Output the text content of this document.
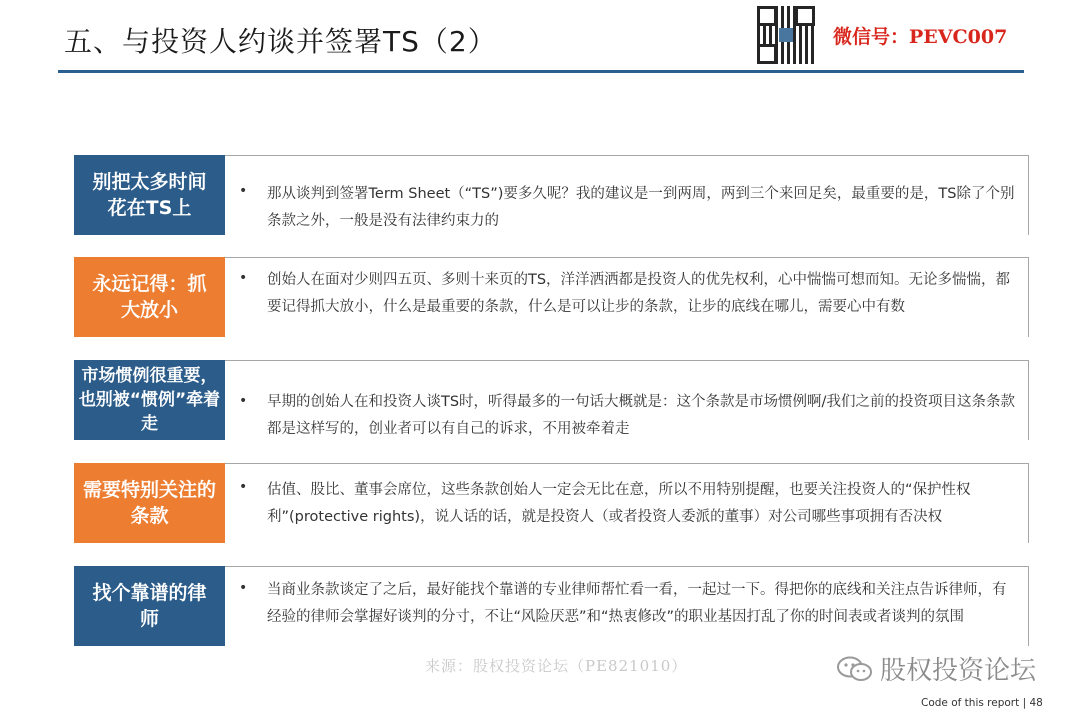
五、与投资人约谈并签署TS（2）	微信号：PEVC007
别把太多时间花在TS上
• 那从谈判到签署Term Sheet（“TS”)要多久呢？我的建议是一到两周，两到三个来回足矣，最重要的是，TS除了个别条款之外，一般是没有法律约束力的
永远记得：抓大放小
• 创始人在面对少则四五页、多则十来页的TS，洋洋洒洒都是投资人的优先权利，心中惴惴可想而知。无论多惴惴，都要记得抓大放小，什么是最重要的条款，什么是可以让步的条款，让步的底线在哪儿，需要心中有数
市场惯例很重要，也别被“惯例”牵着走
• 早期的创始人在和投资人谈TS时，听得最多的一句话大概就是：这个条款是市场惯例啊/我们之前的投资项目这条条款都是这样写的，创业者可以有自己的诉求，不用被牵着走
需要特别关注的条款
• 估值、股比、董事会席位，这些条款创始人一定会无比在意，所以不用特别提醒，也要关注投资人的“保护性权利”(protective rights)，说人话的话，就是投资人（或者投资人委派的董事）对公司哪些事项拥有否决权
找个靠谱的律师
• 当商业条款谈定了之后，最好能找个靠谱的专业律师帮忙看一看，一起过一下。得把你的底线和关注点告诉律师，有经验的律师会掌握好谈判的分寸，不让“风险厌恶”和“热衷修改”的职业基因打乱了你的时间表或者谈判的氛围
来源：股权投资论坛（PE821010）	股权投资论坛
Code of this report | 48
